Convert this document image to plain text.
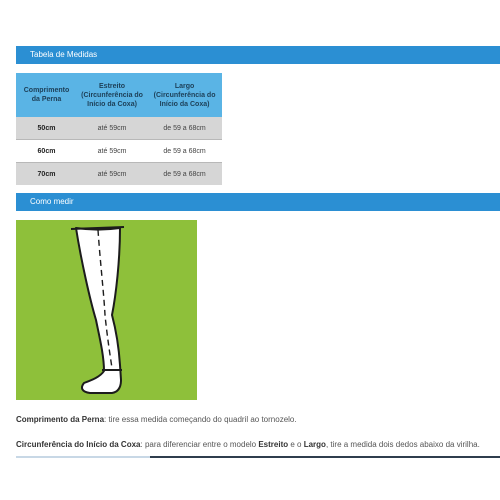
Tabela de Medidas
Comprimento
da Perna	Estreito
(Circunferência do
Início da Coxa)	Largo
(Circunferência do
Início da Coxa)
50cm	até 59cm	de 59 a 68cm
60cm	até 59cm	de 59 a 68cm
70cm	até 59cm	de 59 a 68cm
Como medir
Comprimento da Perna: tire essa medida começando do quadril ao tornozelo.
Circunferência do Início da Coxa: para diferenciar entre o modelo Estreito e o Largo, tire a medida dois dedos abaixo da virilha.
